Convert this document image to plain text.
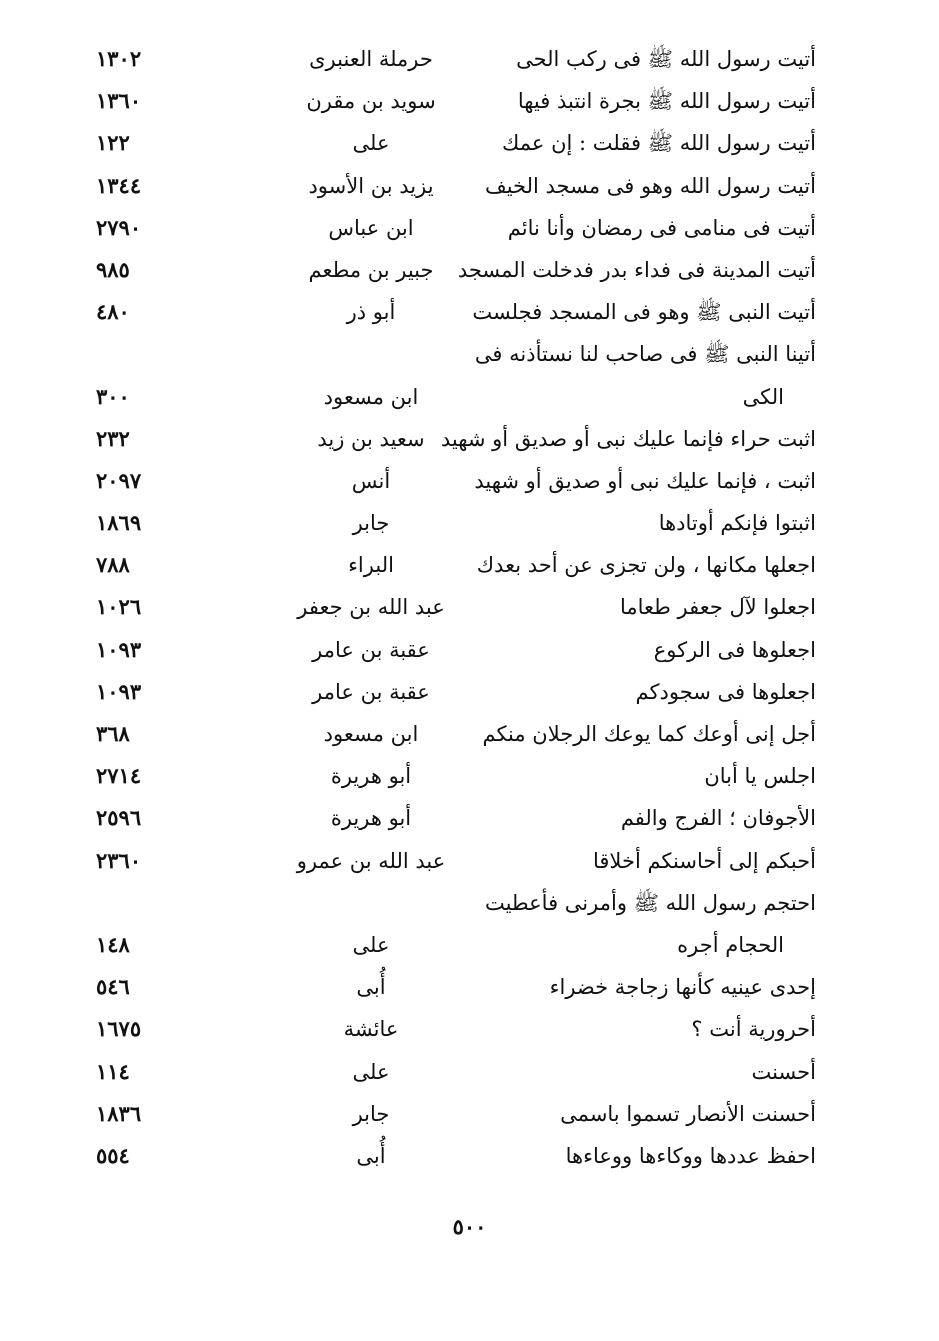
أتيت رسول الله ﷺ فى ركب الحى
حرملة العنبرى
١٣٠٢
أتيت رسول الله ﷺ بجرة انتبذ فيها
سويد بن مقرن
١٣٦٠
أتيت رسول الله ﷺ فقلت : إن عمك
على
١٢٢
أتيت رسول الله وهو فى مسجد الخيف
يزيد بن الأسود
١٣٤٤
أتيت فى منامى فى رمضان وأنا نائم
ابن عباس
٢٧٩٠
أتيت المدينة فى فداء بدر فدخلت المسجد
جبير بن مطعم
٩٨٥
أتيت النبى ﷺ وهو فى المسجد فجلست
أبو ذر
٤٨٠
أتينا النبى ﷺ فى صاحب لنا نستأذنه فى
الكى
ابن مسعود
٣٠٠
اثبت حراء فإنما عليك نبى أو صديق أو شهيد
سعيد بن زيد
٢٣٢
اثبت ، فإنما عليك نبى أو صديق أو شهيد
أنس
٢٠٩٧
اثبتوا فإنكم أوتادها
جابر
١٨٦٩
اجعلها مكانها ، ولن تجزى عن أحد بعدك
البراء
٧٨٨
اجعلوا لآل جعفر طعاما
عبد الله بن جعفر
١٠٢٦
اجعلوها فى الركوع
عقبة بن عامر
١٠٩٣
اجعلوها فى سجودكم
عقبة بن عامر
١٠٩٣
أجل إنى أوعك كما يوعك الرجلان منكم
ابن مسعود
٣٦٨
اجلس يا أبان
أبو هريرة
٢٧١٤
الأجوفان ؛ الفرج والفم
أبو هريرة
٢٥٩٦
أحبكم إلى أحاسنكم أخلاقا
عبد الله بن عمرو
٢٣٦٠
احتجم رسول الله ﷺ وأمرنى فأعطيت
الحجام أجره
على
١٤٨
إحدى عينيه كأنها زجاجة خضراء
أُبى
٥٤٦
أحرورية أنت ؟
عائشة
١٦٧٥
أحسنت
على
١١٤
أحسنت الأنصار تسموا باسمى
جابر
١٨٣٦
احفظ عددها ووكاءها ووعاءها
أُبى
٥٥٤
٥٠٠
